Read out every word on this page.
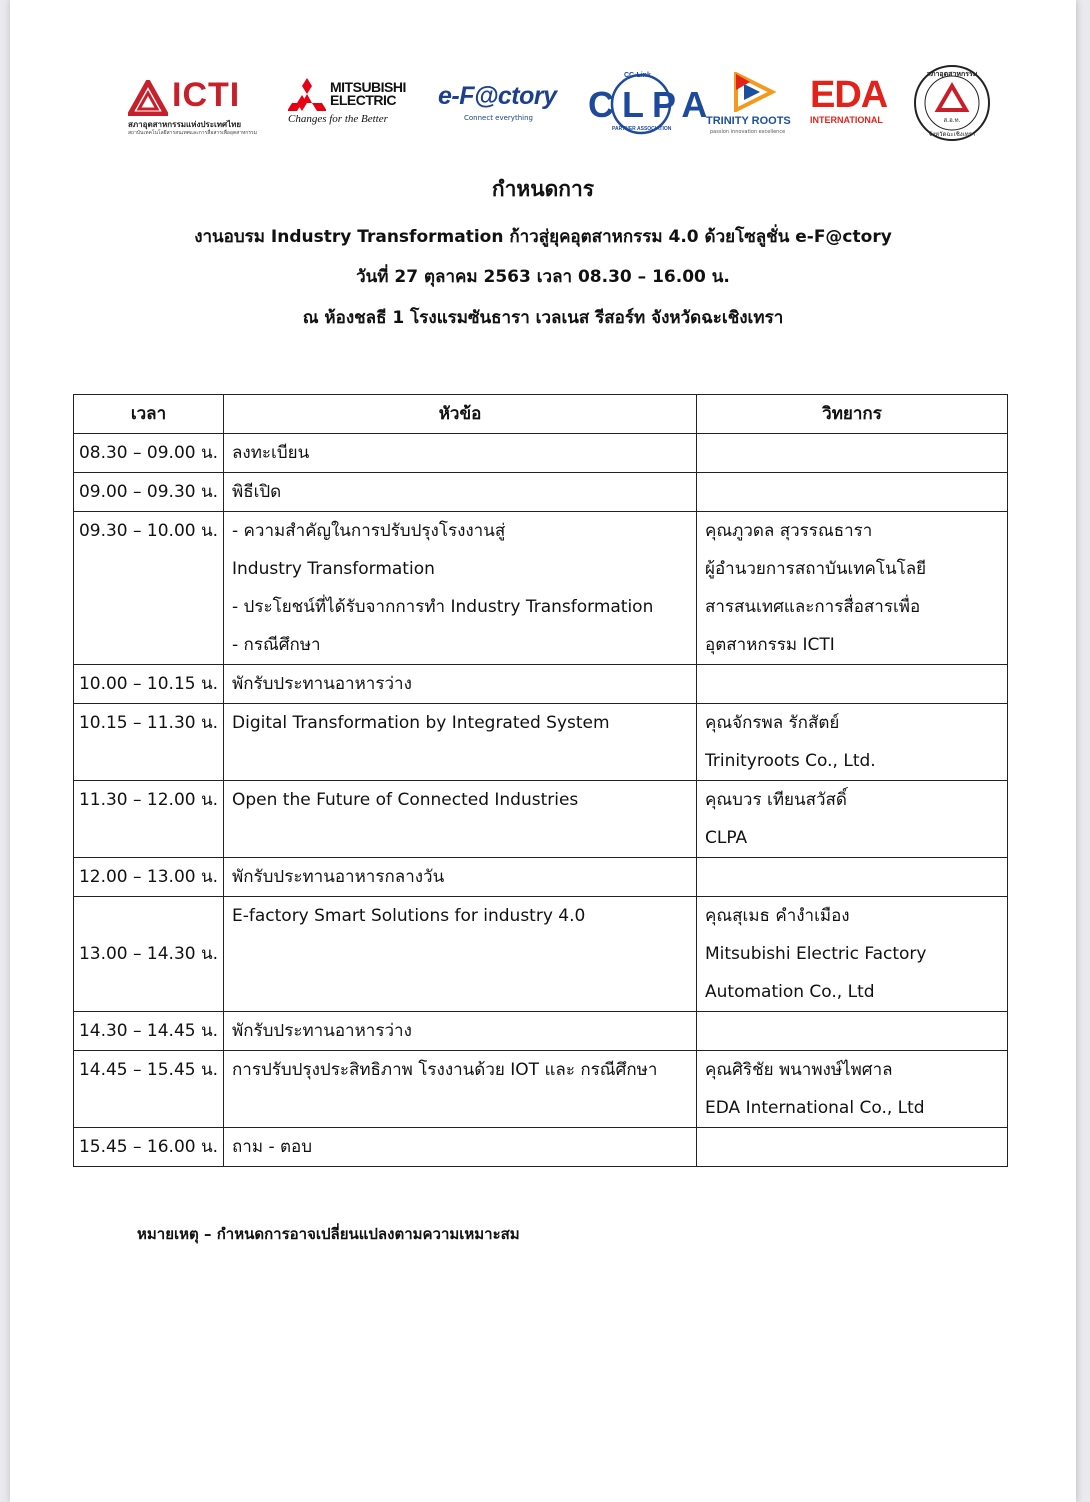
ICTI
สภาอุตสาหกรรมแห่งประเทศไทย
สถาบันเทคโนโลยีสารสนเทศและการสื่อสารเพื่ออุตสาหกรรม
MITSUBISHI
ELECTRIC
Changes for the Better
e-F@ctory
Connect everything
CC-Link
CLPA
PARTNER ASSOCIATION
TRINITY ROOTS
passion innovation excellence
EDA
INTERNATIONAL
สภาอุตสาหกรรม
ส.อ.ท.
จังหวัดฉะเชิงเทรา
กำหนดการ
งานอบรม Industry Transformation ก้าวสู่ยุคอุตสาหกรรม 4.0 ด้วยโซลูชั่น e-F@ctory
วันที่ 27 ตุลาคม 2563 เวลา 08.30 – 16.00 น.
ณ ห้องชลธี 1 โรงแรมซันธารา เวลเนส รีสอร์ท จังหวัดฉะเชิงเทรา
เวลา	หัวข้อ	วิทยากร
08.30 – 09.00 น.	ลงทะเบียน	

09.00 – 09.30 น.	พิธีเปิด	

09.30 – 10.00 น.	- ความสำคัญในการปรับปรุงโรงงานสู่
Industry Transformation
- ประโยชน์ที่ได้รับจากการทำ Industry Transformation
- กรณีศึกษา	คุณภูวดล สุวรรณธารา
ผู้อำนวยการสถาบันเทคโนโลยี
สารสนเทศและการสื่อสารเพื่อ
อุตสาหกรรม ICTI

10.00 – 10.15 น.	พักรับประทานอาหารว่าง	

10.15 – 11.30 น.	Digital Transformation by Integrated System	คุณจักรพล รักสัตย์
Trinityroots Co., Ltd.

11.30 – 12.00 น.	Open the Future of Connected Industries	คุณบวร เทียนสวัสดิ์
CLPA

12.00 – 13.00 น.	พักรับประทานอาหารกลางวัน	

13.00 – 14.30 น.	E-factory Smart Solutions for industry 4.0	คุณสุเมธ คำงำเมือง
Mitsubishi Electric Factory
Automation Co., Ltd

14.30 – 14.45 น.	พักรับประทานอาหารว่าง	

14.45 – 15.45 น.	การปรับปรุงประสิทธิภาพ โรงงานด้วย IOT และ กรณีศึกษา	คุณศิริชัย พนาพงษ์ไพศาล
EDA International Co., Ltd

15.45 – 16.00 น.	ถาม - ตอบ	

หมายเหตุ – กำหนดการอาจเปลี่ยนแปลงตามความเหมาะสม
